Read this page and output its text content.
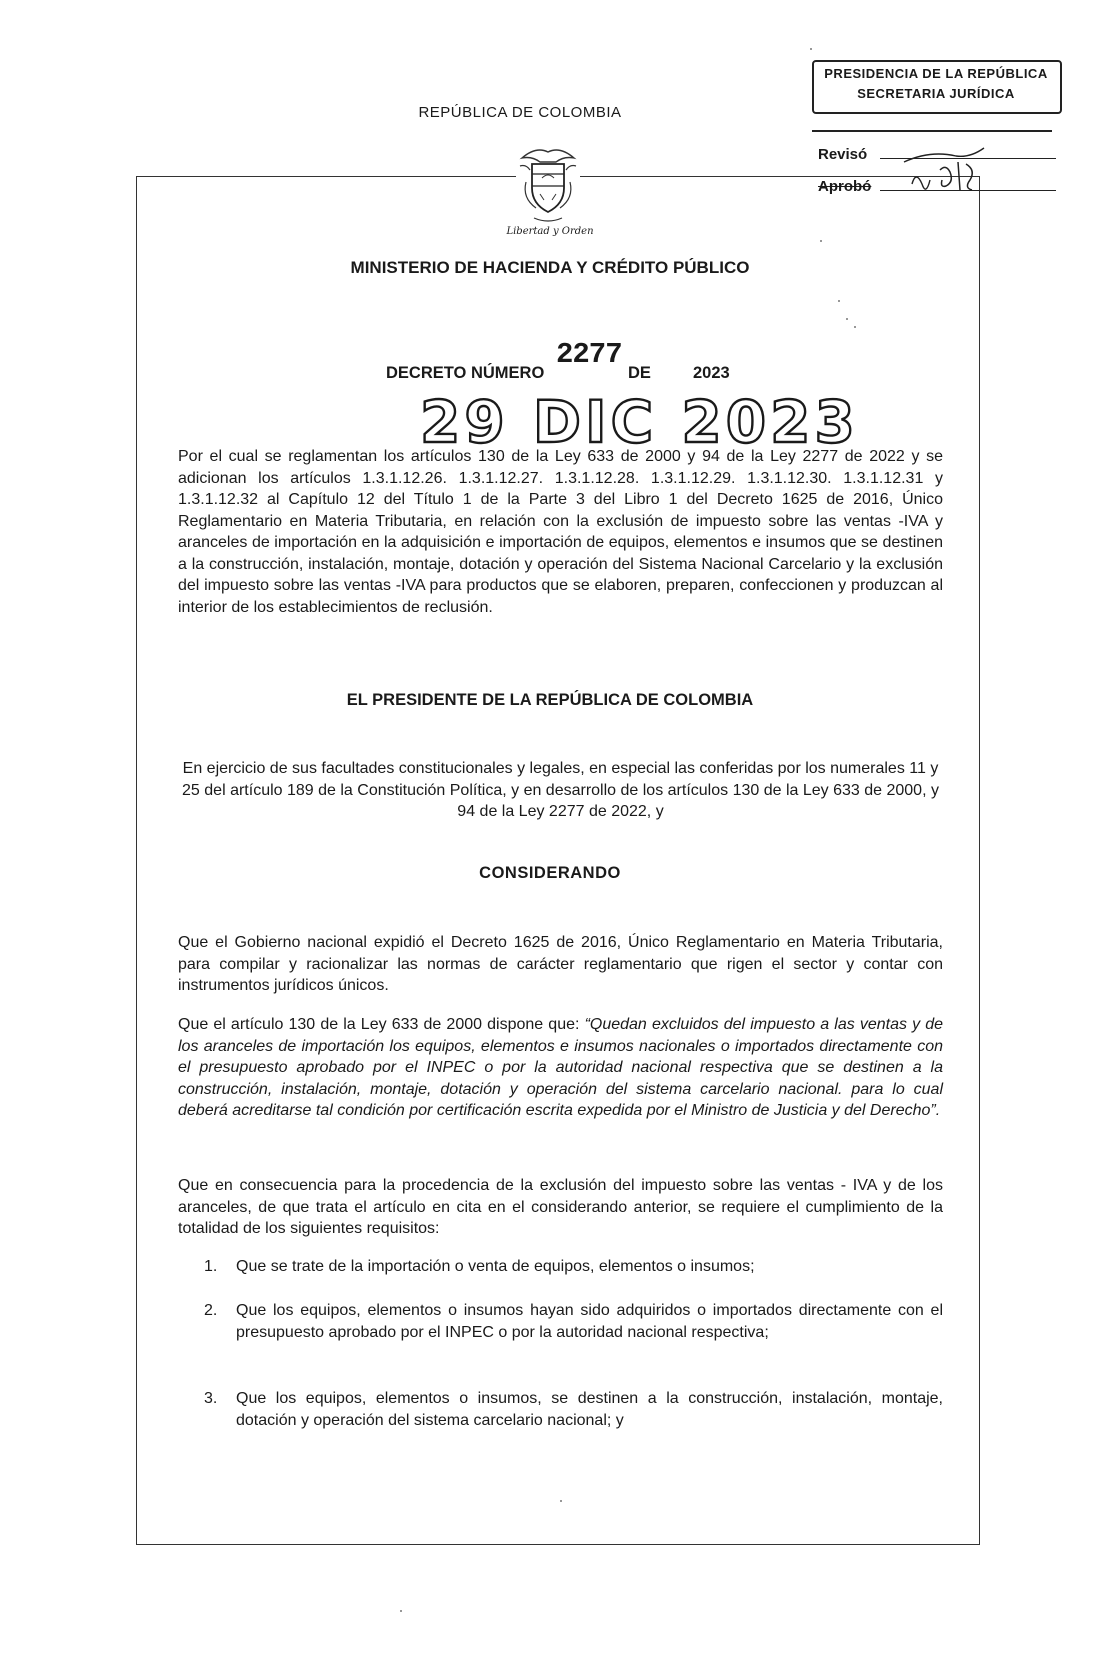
REPÚBLICA DE COLOMBIA
Libertad y Orden
MINISTERIO DE HACIENDA Y CRÉDITO PÚBLICO
PRESIDENCIA DE LA REPÚBLICA
SECRETARIA JURÍDICA
Revisó
Aprobó
DECRETO NÚMERO
2277
DE	2023
29 DIC 2023
Por el cual se reglamentan los artículos 130 de la Ley 633 de 2000 y 94 de la Ley 2277 de 2022 y se adicionan los artículos 1.3.1.12.26. 1.3.1.12.27. 1.3.1.12.28. 1.3.1.12.29. 1.3.1.12.30. 1.3.1.12.31 y 1.3.1.12.32 al Capítulo 12 del Título 1 de la Parte 3 del Libro 1 del Decreto 1625 de 2016, Único Reglamentario en Materia Tributaria, en relación con la exclusión de impuesto sobre las ventas -IVA y aranceles de importación en la adquisición e importación de equipos, elementos e insumos que se destinen a la construcción, instalación, montaje, dotación y operación del Sistema Nacional Carcelario y la exclusión del impuesto sobre las ventas -IVA para productos que se elaboren, preparen, confeccionen y produzcan al interior de los establecimientos de reclusión.
EL PRESIDENTE DE LA REPÚBLICA DE COLOMBIA
En ejercicio de sus facultades constitucionales y legales, en especial las conferidas por los numerales 11 y 25 del artículo 189 de la Constitución Política, y en desarrollo de los artículos 130 de la Ley 633 de 2000, y 94 de la Ley 2277 de 2022, y
CONSIDERANDO
Que el Gobierno nacional expidió el Decreto 1625 de 2016, Único Reglamentario en Materia Tributaria, para compilar y racionalizar las normas de carácter reglamentario que rigen el sector y contar con instrumentos jurídicos únicos.
Que el artículo 130 de la Ley 633 de 2000 dispone que: “Quedan excluidos del impuesto a las ventas y de los aranceles de importación los equipos, elementos e insumos nacionales o importados directamente con el presupuesto aprobado por el INPEC o por la autoridad nacional respectiva que se destinen a la construcción, instalación, montaje, dotación y operación del sistema carcelario nacional. para lo cual deberá acreditarse tal condición por certificación escrita expedida por el Ministro de Justicia y del Derecho”.
Que en consecuencia para la procedencia de la exclusión del impuesto sobre las ventas - IVA y de los aranceles, de que trata el artículo en cita en el considerando anterior, se requiere el cumplimiento de la totalidad de los siguientes requisitos:
1. Que se trate de la importación o venta de equipos, elementos o insumos;
2. Que los equipos, elementos o insumos hayan sido adquiridos o importados directamente con el presupuesto aprobado por el INPEC o por la autoridad nacional respectiva;
3. Que los equipos, elementos o insumos, se destinen a la construcción, instalación, montaje, dotación y operación del sistema carcelario nacional; y
